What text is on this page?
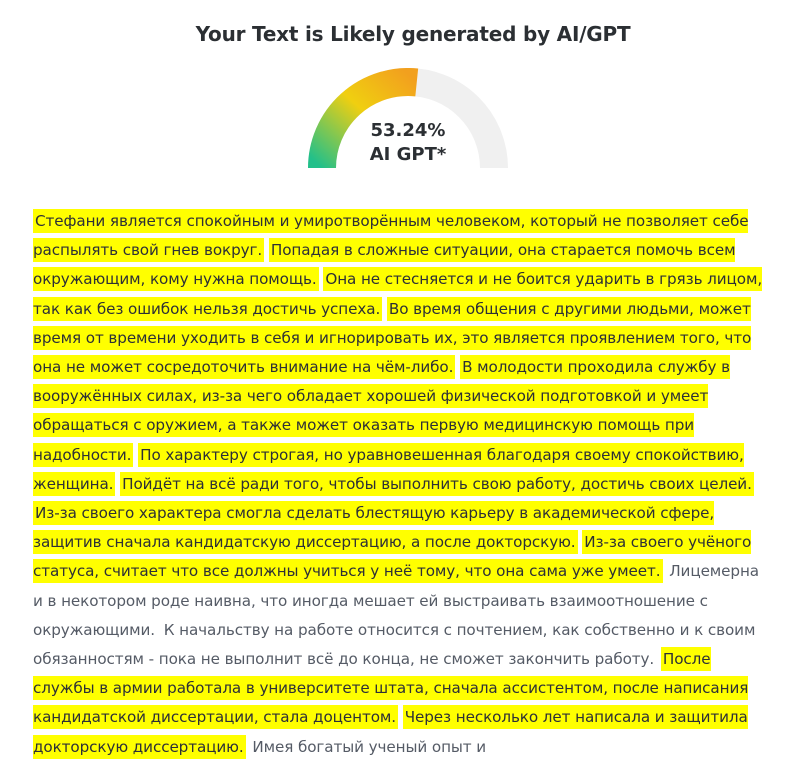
Your Text is Likely generated by AI/GPT
53.24%
AI GPT*
Стефани является спокойным и умиротворённым человеком, который не позволяет себе распылять свой гнев вокруг. Попадая в сложные ситуации, она старается помочь всем окружающим, кому нужна помощь. Она не стесняется и не боится ударить в грязь лицом, так как без ошибок нельзя достичь успеха. Во время общения с другими людьми, может время от времени уходить в себя и игнорировать их, это является проявлением того, что она не может сосредоточить внимание на чём-либо. В молодости проходила службу в вооружённых силах, из-за чего обладает хорошей физической подготовкой и умеет обращаться с оружием, а также может оказать первую медицинскую помощь при надобности. По характеру строгая, но уравновешенная благодаря своему спокойствию, женщина. Пойдёт на всё ради того, чтобы выполнить свою работу, достичь своих целей. Из-за своего характера смогла сделать блестящую карьеру в академической сфере, защитив сначала кандидатскую диссертацию, а после докторскую. Из-за своего учёного статуса, считает что все должны учиться у неё тому, что она сама уже умеет. Лицемерна и в некотором роде наивна, что иногда мешает ей выстраивать взаимоотношение с окружающими. К начальству на работе относится с почтением, как собственно и к своим обязанностям - пока не выполнит всё до конца, не сможет закончить работу. После службы в армии работала в университете штата, сначала ассистентом, после написания кандидатской диссертации, стала доцентом. Через несколько лет написала и защитила докторскую диссертацию. Имея богатый ученый опыт и
